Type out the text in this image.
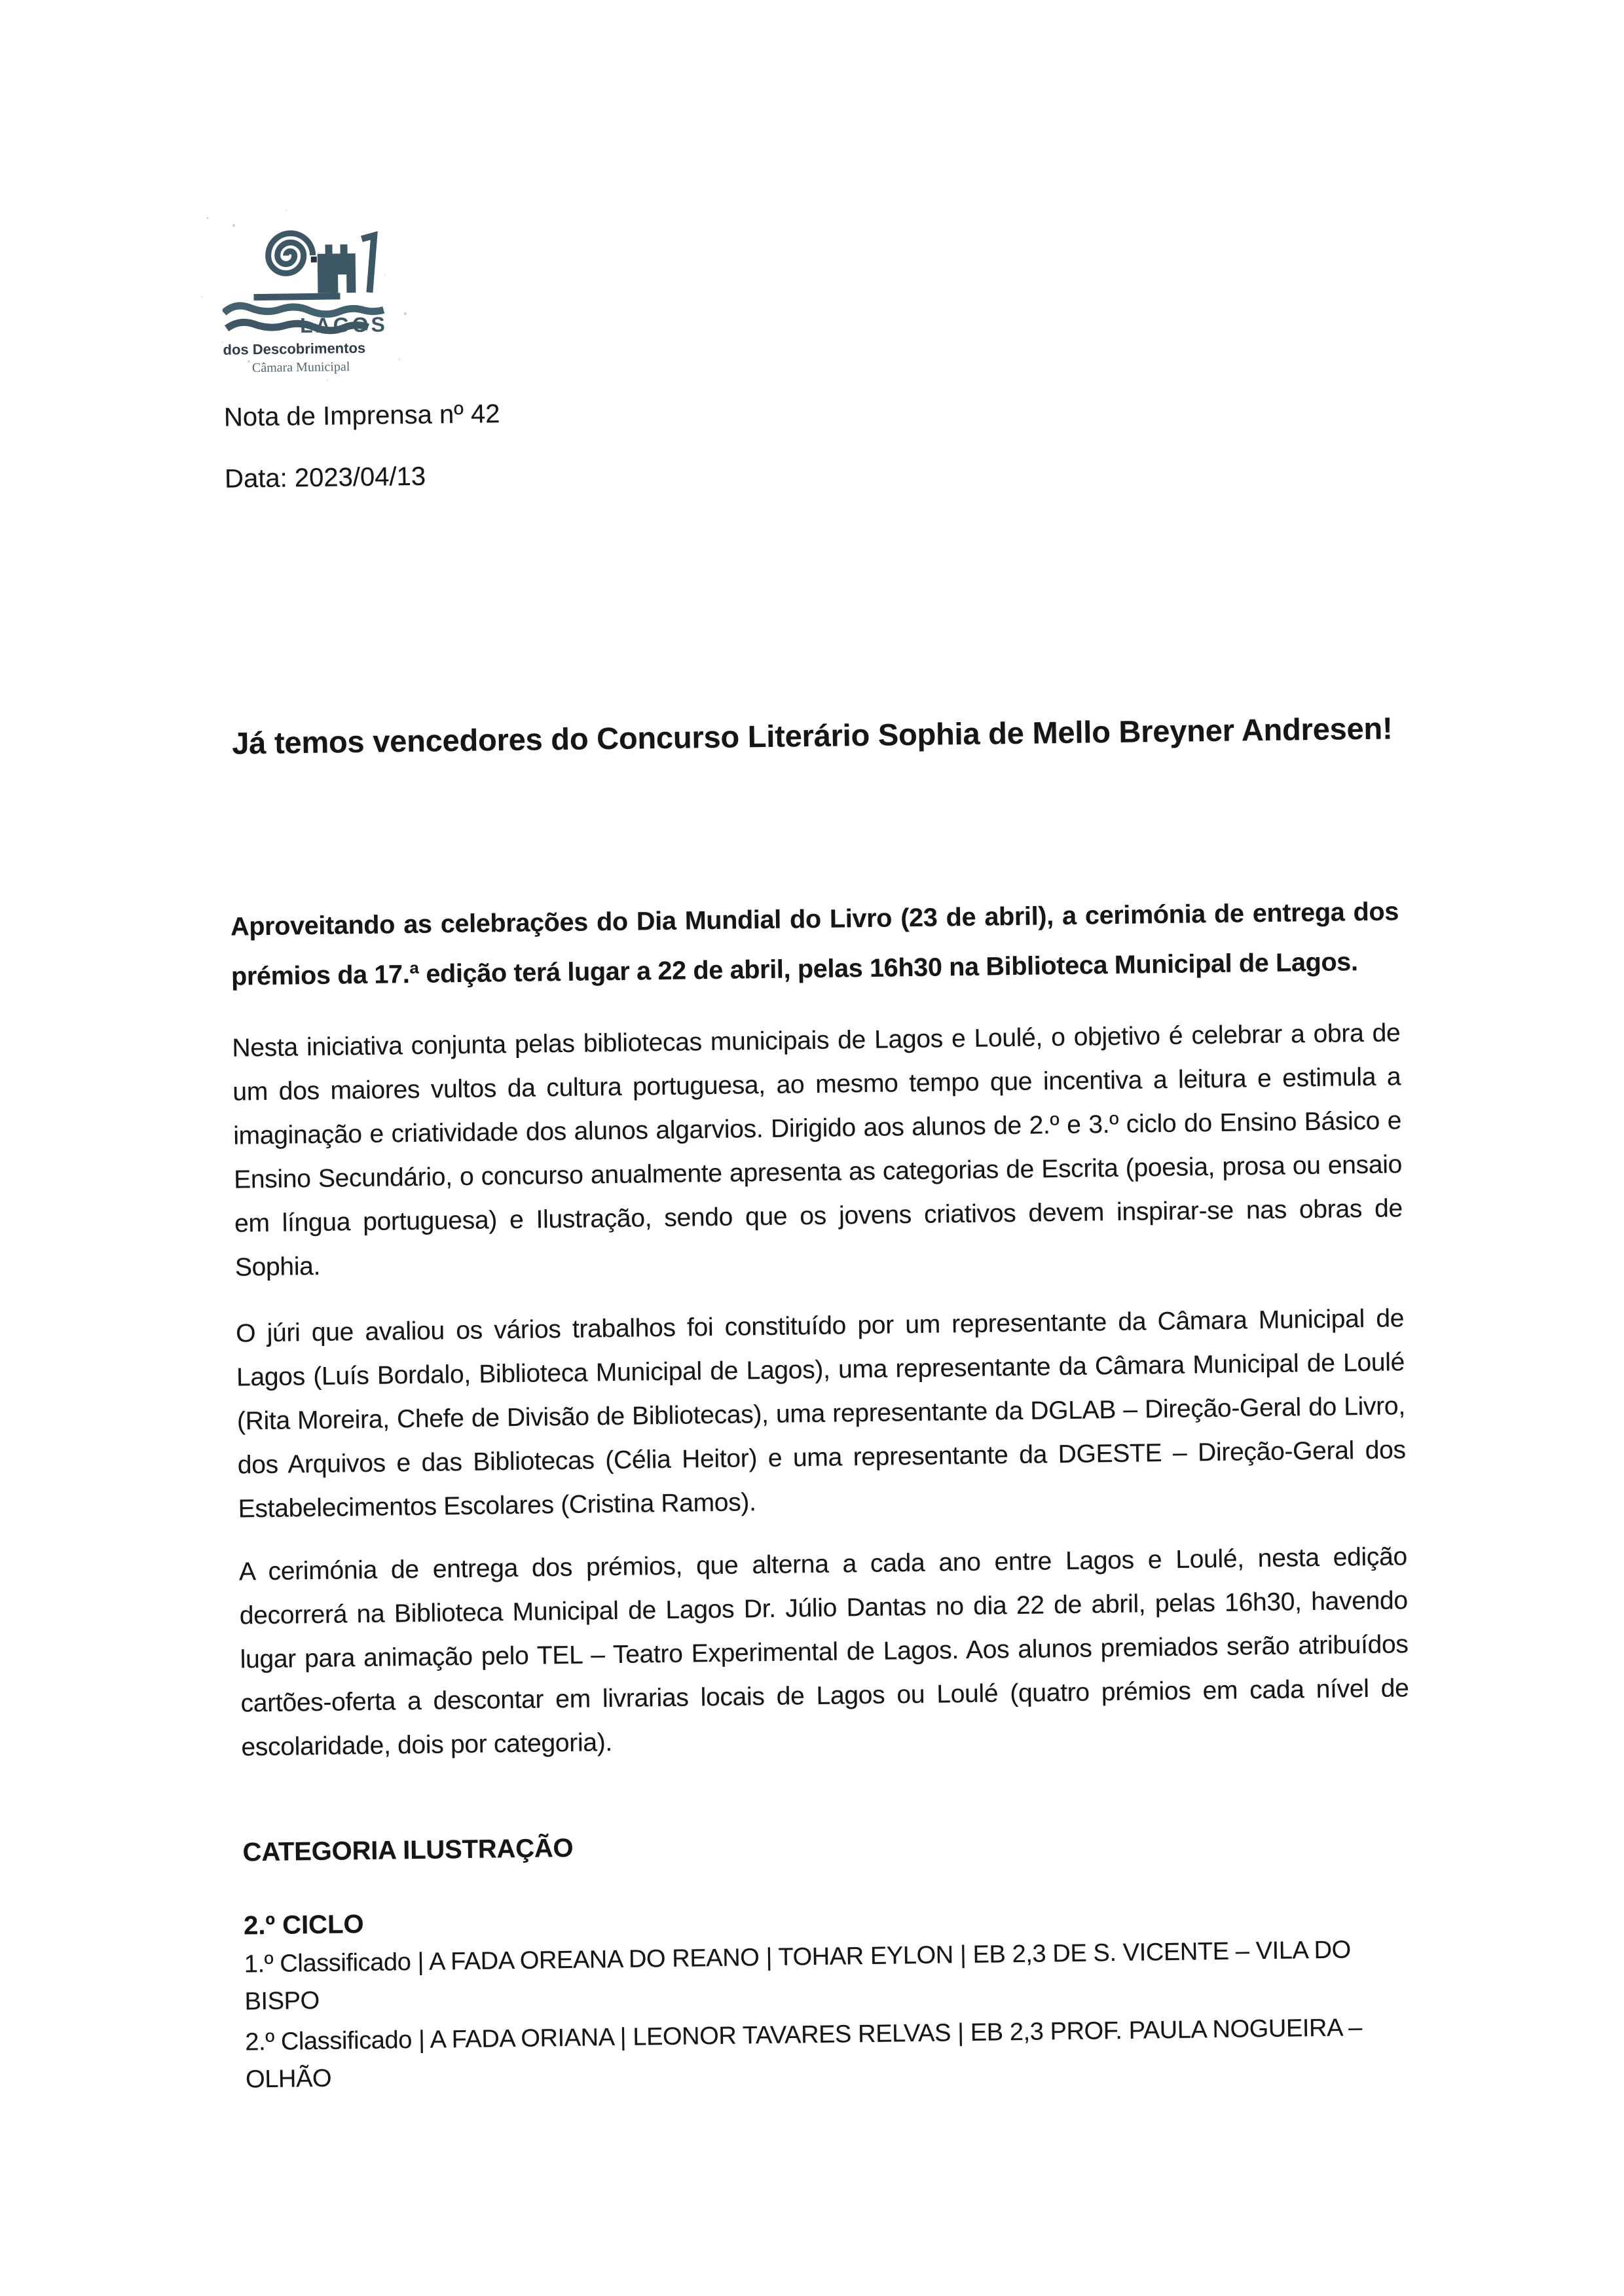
LAGOS
dos Descobrimentos
Câmara Municipal
Nota de Imprensa nº 42
Data: 2023/04/13
Já temos vencedores do Concurso Literário Sophia de Mello Breyner Andresen!
Aproveitando as celebrações do Dia Mundial do Livro (23 de abril), a cerimónia de entrega dos prémios da 17.ª edição terá lugar a 22 de abril, pelas 16h30 na Biblioteca Municipal de Lagos.
Nesta iniciativa conjunta pelas bibliotecas municipais de Lagos e Loulé, o objetivo é celebrar a obra de um dos maiores vultos da cultura portuguesa, ao mesmo tempo que incentiva a leitura e estimula a imaginação e criatividade dos alunos algarvios. Dirigido aos alunos de 2.º e 3.º ciclo do Ensino Básico e Ensino Secundário, o concurso anualmente apresenta as categorias de Escrita (poesia, prosa ou ensaio em língua portuguesa) e Ilustração, sendo que os jovens criativos devem inspirar-se nas obras de Sophia.
O júri que avaliou os vários trabalhos foi constituído por um representante da Câmara Municipal de Lagos (Luís Bordalo, Biblioteca Municipal de Lagos), uma representante da Câmara Municipal de Loulé (Rita Moreira, Chefe de Divisão de Bibliotecas), uma representante da DGLAB – Direção-Geral do Livro, dos Arquivos e das Bibliotecas (Célia Heitor) e uma representante da DGESTE – Direção-Geral dos Estabelecimentos Escolares (Cristina Ramos).
A cerimónia de entrega dos prémios, que alterna a cada ano entre Lagos e Loulé, nesta edição decorrerá na Biblioteca Municipal de Lagos Dr. Júlio Dantas no dia 22 de abril, pelas 16h30, havendo lugar para animação pelo TEL – Teatro Experimental de Lagos. Aos alunos premiados serão atribuídos cartões-oferta a descontar em livrarias locais de Lagos ou Loulé (quatro prémios em cada nível de escolaridade, dois por categoria).
CATEGORIA ILUSTRAÇÃO
2.º CICLO
1.º Classificado | A FADA OREANA DO REANO | TOHAR EYLON | EB 2,3 DE S. VICENTE – VILA DO BISPO
2.º Classificado | A FADA ORIANA | LEONOR TAVARES RELVAS | EB 2,3 PROF. PAULA NOGUEIRA – OLHÃO
